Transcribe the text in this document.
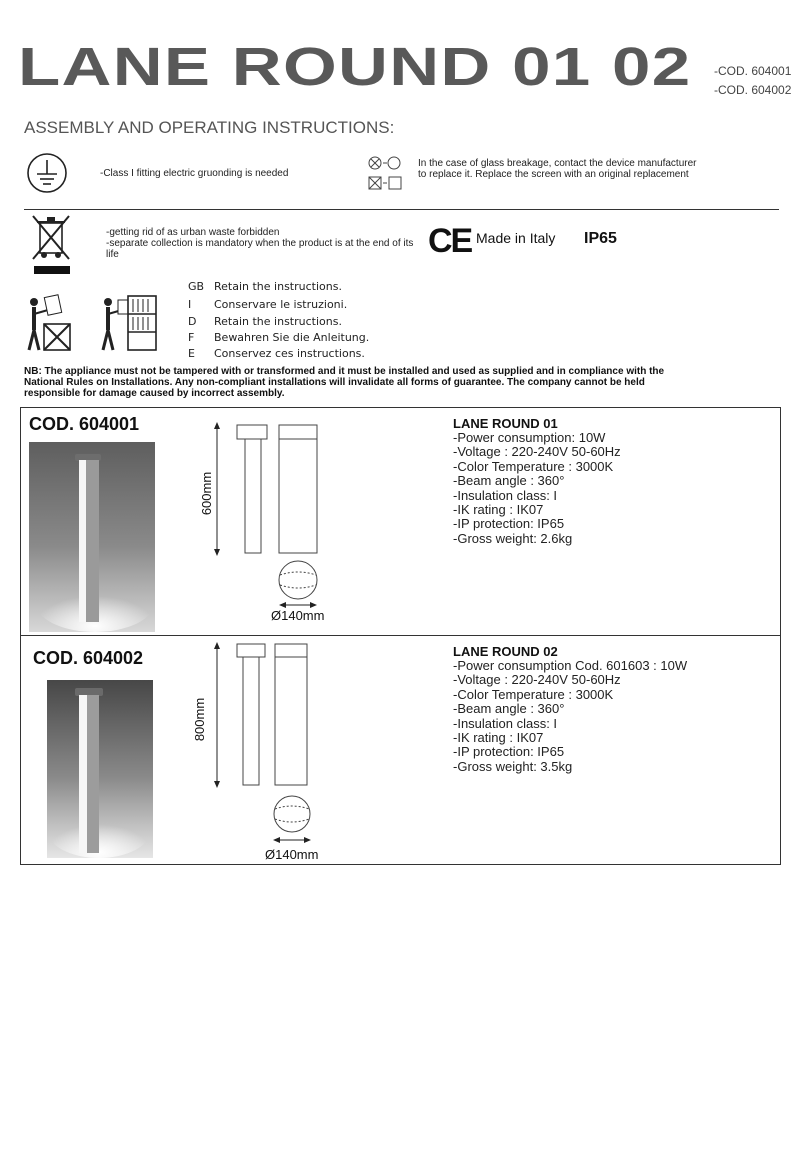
LANE ROUND 01 02 -COD. 604001
-COD. 604002
ASSEMBLY AND OPERATING INSTRUCTIONS:
-Class I fitting electric gruonding is needed
In the case of glass breakage, contact the device manufacturer
to replace it. Replace the screen with an original replacement
-getting rid of as urban waste forbidden
-separate collection is mandatory when the product is at the end of its
life	CE Made in Italy IP65
GB Retain the instructions.
I Conservare le istruzioni.
D Retain the instructions.
F Bewahren Sie die Anleitung.
E Conservez ces instructions.
NB: The appliance must not be tampered with or transformed and it must be installed and used as supplied and in compliance with the
National Rules on Installations. Any non-compliant installations will invalidate all forms of guarantee. The company cannot be held
responsible for damage caused by incorrect assembly.
COD. 604001
600mm
Ø140mm
LANE ROUND 01
-Power consumption: 10W
-Voltage : 220-240V 50-60Hz
-Color Temperature : 3000K
-Beam angle : 360°
-Insulation class: I
-IK rating : IK07
-IP protection: IP65
-Gross weight: 2.6kg
COD. 604002
800mm
Ø140mm
LANE ROUND 02
-Power consumption Cod. 601603 : 10W
-Voltage : 220-240V 50-60Hz
-Color Temperature : 3000K
-Beam angle : 360°
-Insulation class: I
-IK rating : IK07
-IP protection: IP65
-Gross weight: 3.5kg
